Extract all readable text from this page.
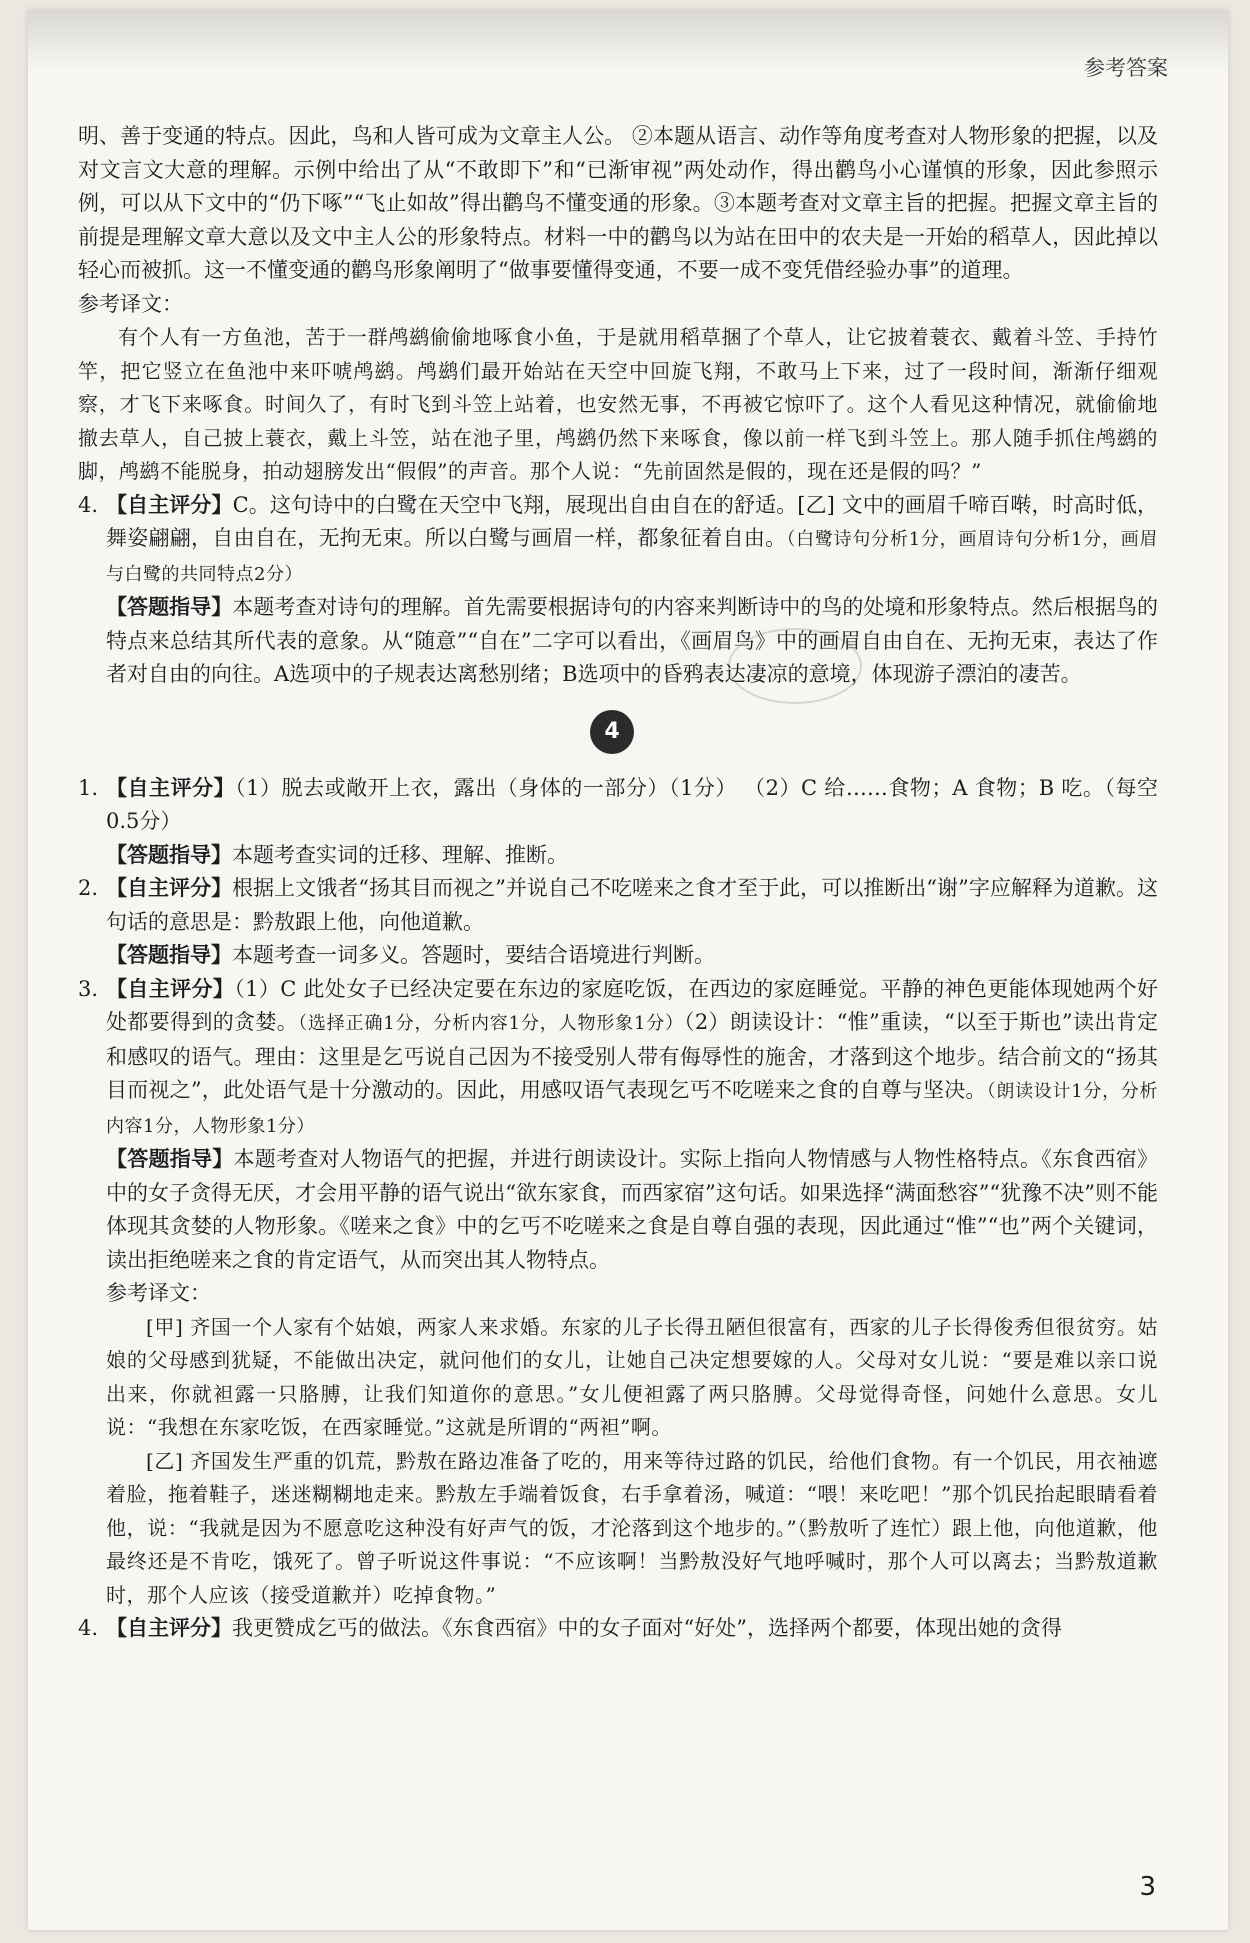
参考答案

明、善于变通的特点。因此，鸟和人皆可成为文章主人公。 ②本题从语言、动作等角度考查对人物形象的把握，以及对文言文大意的理解。示例中给出了从“不敢即下”和“已渐审视”两处动作，得出鹳鸟小心谨慎的形象，因此参照示例，可以从下文中的“仍下啄”“飞止如故”得出鹳鸟不懂变通的形象。③本题考查对文章主旨的把握。把握文章主旨的前提是理解文章大意以及文中主人公的形象特点。材料一中的鹳鸟以为站在田中的农夫是一开始的稻草人，因此掉以轻心而被抓。这一不懂变通的鹳鸟形象阐明了“做事要懂得变通，不要一成不变凭借经验办事”的道理。

参考译文：

有个人有一方鱼池，苦于一群鸬鹚偷偷地啄食小鱼，于是就用稻草捆了个草人，让它披着蓑衣、戴着斗笠、手持竹竿，把它竖立在鱼池中来吓唬鸬鹚。鸬鹚们最开始站在天空中回旋飞翔，不敢马上下来，过了一段时间，渐渐仔细观察，才飞下来啄食。时间久了，有时飞到斗笠上站着，也安然无事，不再被它惊吓了。这个人看见这种情况，就偷偷地撤去草人，自己披上蓑衣，戴上斗笠，站在池子里，鸬鹚仍然下来啄食，像以前一样飞到斗笠上。那人随手抓住鸬鹚的脚，鸬鹚不能脱身，拍动翅膀发出“假假”的声音。那个人说：“先前固然是假的，现在还是假的吗？”

4. 【自主评分】C。这句诗中的白鹭在天空中飞翔，展现出自由自在的舒适。[乙] 文中的画眉千啼百啭，时高时低，舞姿翩翩，自由自在，无拘无束。所以白鹭与画眉一样，都象征着自由。（白鹭诗句分析1分，画眉诗句分析1分，画眉与白鹭的共同特点2分）

【答题指导】本题考查对诗句的理解。首先需要根据诗句的内容来判断诗中的鸟的处境和形象特点。然后根据鸟的特点来总结其所代表的意象。从“随意”“自在”二字可以看出，《画眉鸟》中的画眉自由自在、无拘无束，表达了作者对自由的向往。A选项中的子规表达离愁别绪；B选项中的昏鸦表达凄凉的意境，体现游子漂泊的凄苦。

4
1. 【自主评分】（1）脱去或敞开上衣，露出（身体的一部分）（1分） （2）C 给……食物；A 食物；B 吃。（每空0.5分）

【答题指导】本题考查实词的迁移、理解、推断。

2. 【自主评分】根据上文饿者“扬其目而视之”并说自己不吃嗟来之食才至于此，可以推断出“谢”字应解释为道歉。这句话的意思是：黔敖跟上他，向他道歉。

【答题指导】本题考查一词多义。答题时，要结合语境进行判断。

3. 【自主评分】（1）C 此处女子已经决定要在东边的家庭吃饭，在西边的家庭睡觉。平静的神色更能体现她两个好处都要得到的贪婪。（选择正确1分，分析内容1分，人物形象1分）（2）朗读设计：“惟”重读，“以至于斯也”读出肯定和感叹的语气。理由：这里是乞丐说自己因为不接受别人带有侮辱性的施舍，才落到这个地步。结合前文的“扬其目而视之”，此处语气是十分激动的。因此，用感叹语气表现乞丐不吃嗟来之食的自尊与坚决。（朗读设计1分，分析内容1分，人物形象1分）

【答题指导】本题考查对人物语气的把握，并进行朗读设计。实际上指向人物情感与人物性格特点。《东食西宿》中的女子贪得无厌，才会用平静的语气说出“欲东家食，而西家宿”这句话。如果选择“满面愁容”“犹豫不决”则不能体现其贪婪的人物形象。《嗟来之食》中的乞丐不吃嗟来之食是自尊自强的表现，因此通过“惟”“也”两个关键词，读出拒绝嗟来之食的肯定语气，从而突出其人物特点。

参考译文：

[甲] 齐国一个人家有个姑娘，两家人来求婚。东家的儿子长得丑陋但很富有，西家的儿子长得俊秀但很贫穷。姑娘的父母感到犹疑，不能做出决定，就问他们的女儿，让她自己决定想要嫁的人。父母对女儿说：“要是难以亲口说出来，你就袒露一只胳膊，让我们知道你的意思。”女儿便袒露了两只胳膊。父母觉得奇怪，问她什么意思。女儿说：“我想在东家吃饭，在西家睡觉。”这就是所谓的“两袒”啊。

[乙] 齐国发生严重的饥荒，黔敖在路边准备了吃的，用来等待过路的饥民，给他们食物。有一个饥民，用衣袖遮着脸，拖着鞋子，迷迷糊糊地走来。黔敖左手端着饭食，右手拿着汤，喊道：“喂！来吃吧！”那个饥民抬起眼睛看着他，说：“我就是因为不愿意吃这种没有好声气的饭，才沦落到这个地步的。”（黔敖听了连忙）跟上他，向他道歉，他最终还是不肯吃，饿死了。曾子听说这件事说：“不应该啊！当黔敖没好气地呼喊时，那个人可以离去；当黔敖道歉时，那个人应该（接受道歉并）吃掉食物。”

4. 【自主评分】我更赞成乞丐的做法。《东食西宿》中的女子面对“好处”，选择两个都要，体现出她的贪得

3
